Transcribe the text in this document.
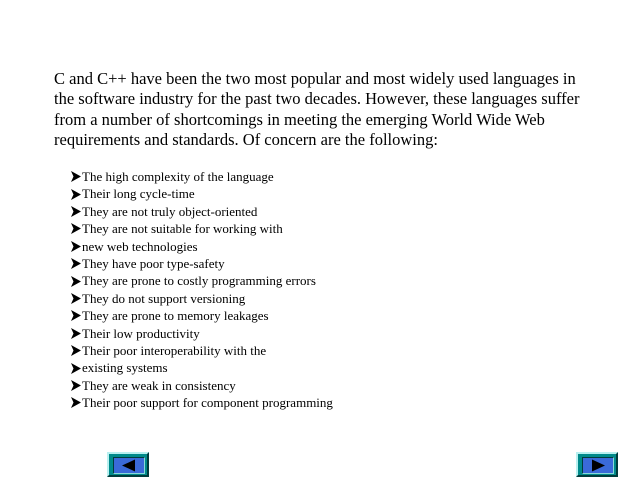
C and C++ have been the two most popular and most widely used languages in
the software industry for the past two decades. However, these languages suffer
from a number of shortcomings in meeting the emerging World Wide Web
requirements and standards. Of concern are the following:
The high complexity of the language
Their long cycle-time
They are not truly object-oriented
They are not suitable for working with
new web technologies
They have poor type-safety
They are prone to costly programming errors
They do not support versioning
They are prone to memory leakages
Their low productivity
Their poor interoperability with the
existing systems
They are weak in consistency
Their poor support for component programming
